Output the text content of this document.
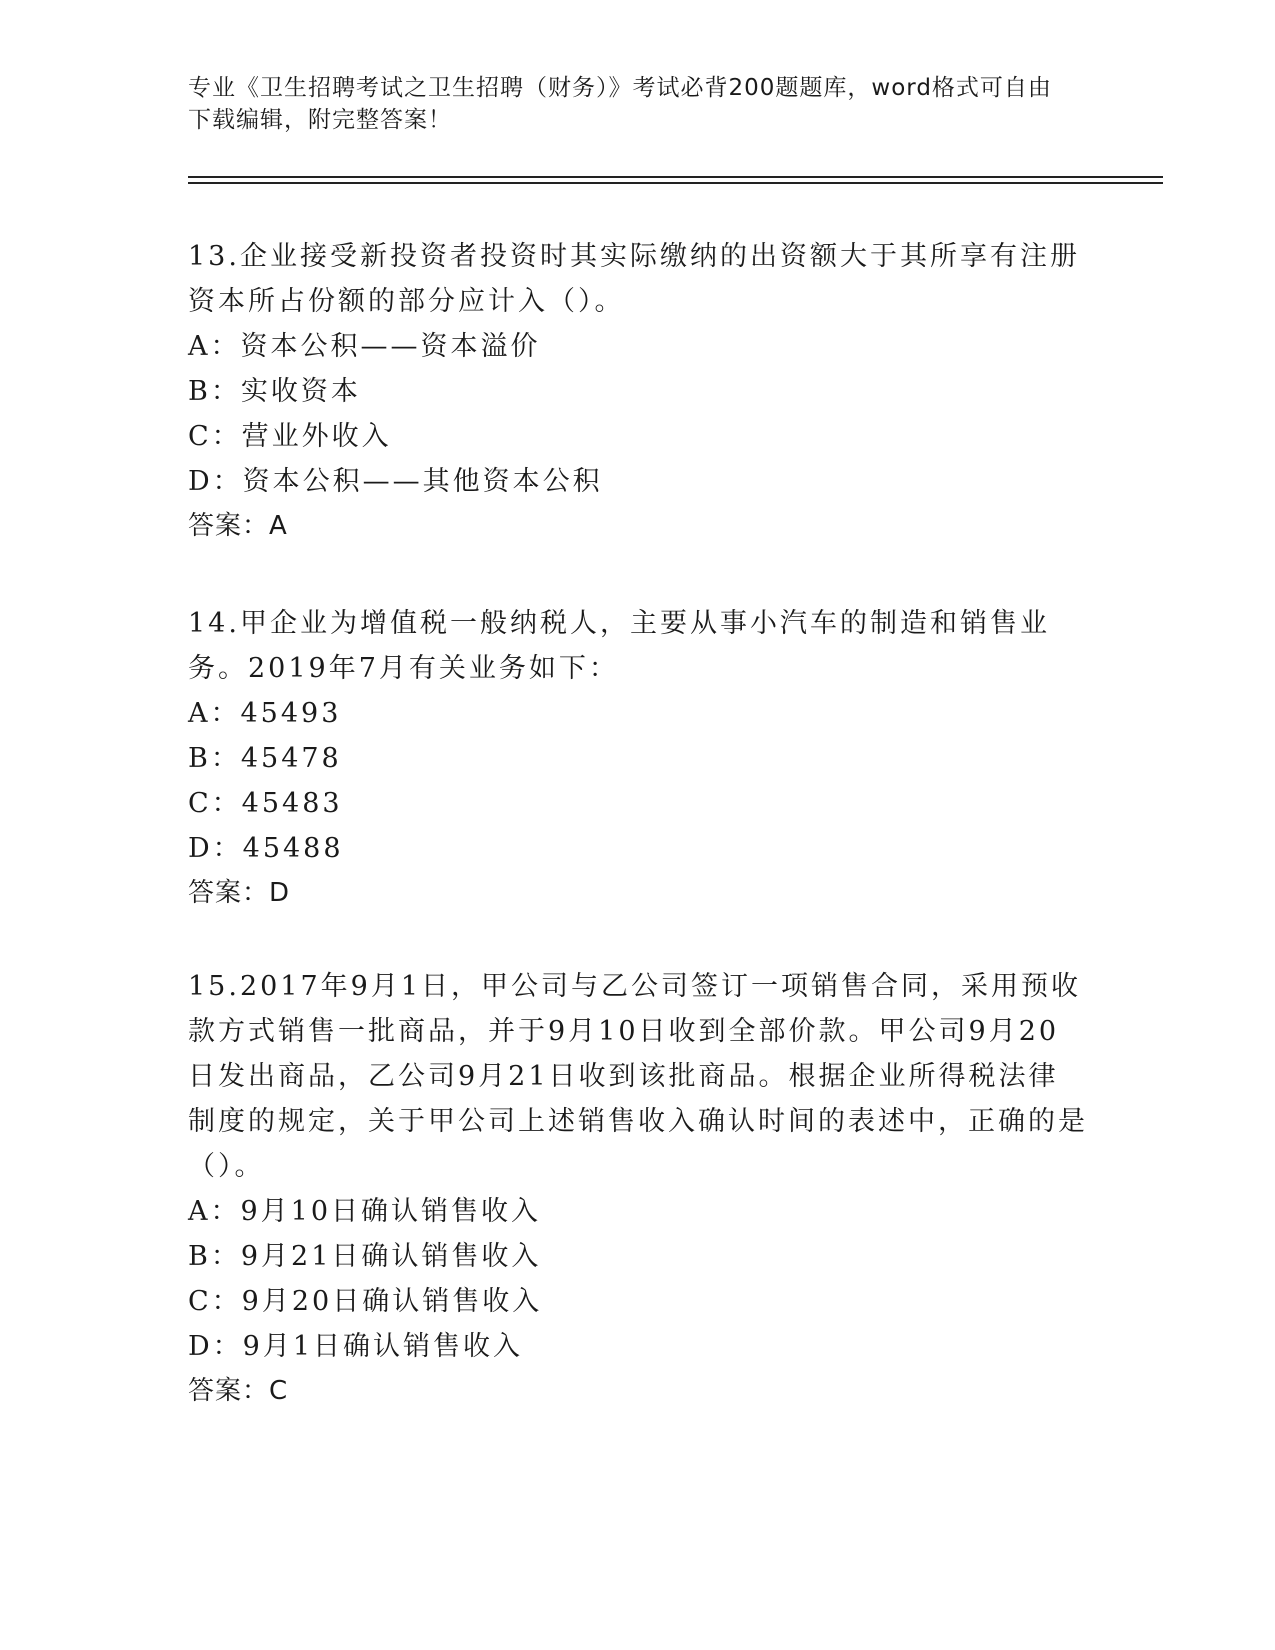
专业《卫生招聘考试之卫生招聘（财务）》考试必背200题题库，word格式可自由下载编辑，附完整答案！

13.企业接受新投资者投资时其实际缴纳的出资额大于其所享有注册资本所占份额的部分应计入（）。

A：资本公积——资本溢价

B：实收资本

C：营业外收入

D：资本公积——其他资本公积

答案：A

14.甲企业为增值税一般纳税人，主要从事小汽车的制造和销售业务。2019年7月有关业务如下：

A：45493

B：45478

C：45483

D：45488

答案：D

15.2017年9月1日，甲公司与乙公司签订一项销售合同，采用预收款方式销售一批商品，并于9月10日收到全部价款。甲公司9月20日发出商品，乙公司9月21日收到该批商品。根据企业所得税法律制度的规定，关于甲公司上述销售收入确认时间的表述中，正确的是（）。

A：9月10日确认销售收入

B：9月21日确认销售收入

C：9月20日确认销售收入

D：9月1日确认销售收入

答案：C
